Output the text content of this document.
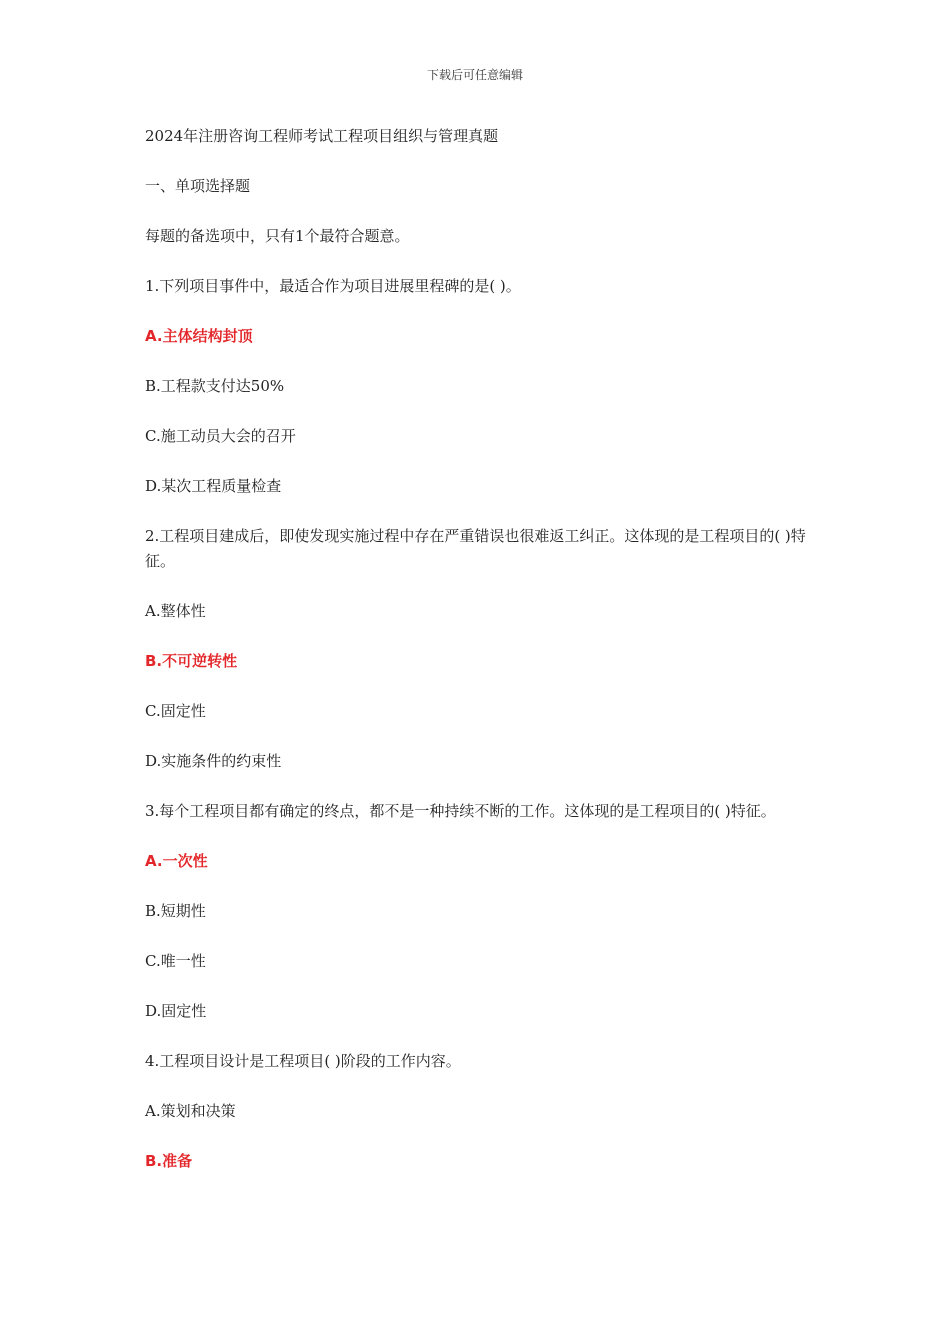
下载后可任意编辑
2024年注册咨询工程师考试工程项目组织与管理真题
一、单项选择题
每题的备选项中，只有1个最符合题意。
1.下列项目事件中，最适合作为项目进展里程碑的是( )。
A.主体结构封顶
B.工程款支付达50%
C.施工动员大会的召开
D.某次工程质量检查
2.工程项目建成后，即使发现实施过程中存在严重错误也很难返工纠正。这体现的是工程项目的( )特征。
A.整体性
B.不可逆转性
C.固定性
D.实施条件的约束性
3.每个工程项目都有确定的终点，都不是一种持续不断的工作。这体现的是工程项目的( )特征。
A.一次性
B.短期性
C.唯一性
D.固定性
4.工程项目设计是工程项目( )阶段的工作内容。
A.策划和决策
B.准备
